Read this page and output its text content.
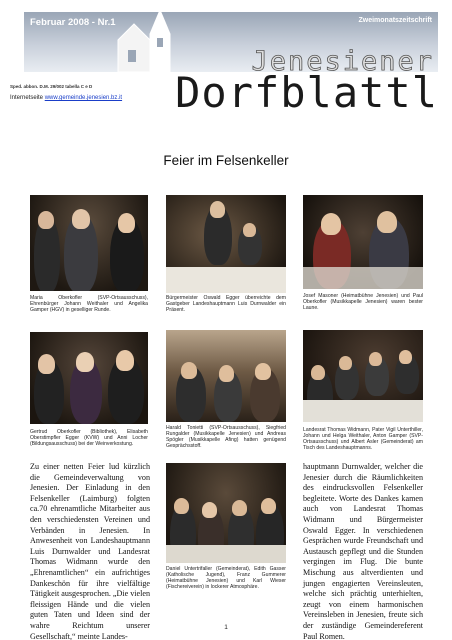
Februar 2008 - Nr.1	Zweimonatszeitschrift
Jenesiener
Dorfblattl
Sped. abbon. D.M. 29/002 tabella C e D
Internetseite www.gemeinde.jenesien.bz.it
Feier im Felsenkeller
Maria Oberkofler (SVP-Ortsausschuss), Ehrenbürger Johann Weithaler und Angelika Gamper (HGV) in geselliger Runde.
Bürgermeister Oswald Egger überreichte dem Gastgeber Landeshauptmann Luis Durnwalder ein Präsent.
Josef Masoner (Heimatbühne Jenesien) und Paul Oberkofler (Musikkapelle Jenesien) waren bester Laune.
Gertrud Oberkofler (Bibliothek), Elisabeth Oberstimpfler Egger (KVW) und Anni Locher (Bildungsausschuss) bei der Weinverkostung.
Harald Tonietti (SVP-Ortsausschuss), Siegfried Rungalder (Musikkapelle Jenesien) und Andreas Spögler (Musikkapelle Afing) hatten genügend Gesprächsstoff.
Landesrat Thomas Widmann, Pater Vigil Unterthiller, Johann und Helga Weithaler, Anton Gamper (SVP-Ortsausschuss) und Albert Asler (Gemeinderat) am Tisch des Landeshauptmanns.
Daniel Untertrifaller (Gemeinderat), Edith Gasser (Katholische Jugend), Franz Gummerer (Heimatbühne Jenesien) und Karl Wieser (Fischereiverein) in lockerer Atmosphäre.
Zu einer netten Feier lud kürzlich die Gemeindeverwaltung von Jenesien. Der Einladung in den Felsenkeller (Laimburg) folgten ca.70 ehrenamtliche Mitarbeiter aus den verschiedensten Vereinen und Verbänden in Jenesien. In Anwesenheit von Landeshauptmann Luis Durnwalder und Landesrat Thomas Widmann wurde den „Ehrenamtlichen“ ein aufrichtiges Dankeschön für ihre vielfältige Tätigkeit ausgesprochen. „Die vielen fleissigen Hände und die vielen guten Taten und Ideen sind der wahre Reichtum unserer Gesellschaft,“ meinte Landes-
hauptmann Durnwalder, welcher die Jenesier durch die Räumlichkeiten des eindrucksvollen Felsenkeller begleitete. Worte des Dankes kamen auch von Landesrat Thomas Widmann und Bürgermeister Oswald Egger. In verschiedenen Gesprächen wurde Freundschaft und Austausch gepflegt und die Stunden vergingen im Flug. Die bunte Mischung aus altverdienten und jungen engagierten Vereinsleuten, welche sich prächtig unterhielten, zeugt von einem harmonischen Vereinsleben in Jenesien, freute sich der zuständige Gemeindereferent Paul Romen.
1
